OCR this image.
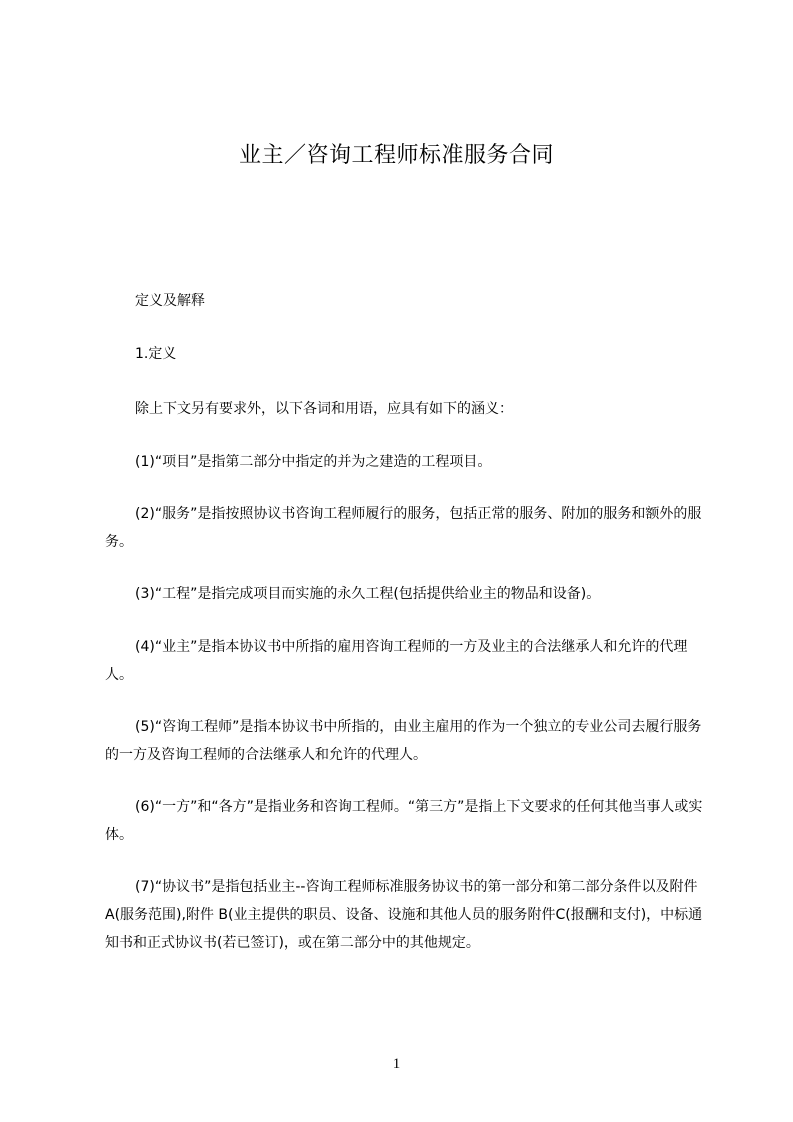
业主／咨询工程师标准服务合同
定义及解释
1.定义
除上下文另有要求外，以下各词和用语，应具有如下的涵义：
(1)“项目”是指第二部分中指定的并为之建造的工程项目。
(2)“服务”是指按照协议书咨询工程师履行的服务，包括正常的服务、附加的服务和额外的服务。
(3)“工程”是指完成项目而实施的永久工程(包括提供给业主的物品和设备)。
(4)“业主”是指本协议书中所指的雇用咨询工程师的一方及业主的合法继承人和允许的代理人。
(5)“咨询工程师”是指本协议书中所指的，由业主雇用的作为一个独立的专业公司去履行服务的一方及咨询工程师的合法继承人和允许的代理人。
(6)“一方”和“各方”是指业务和咨询工程师。“第三方”是指上下文要求的任何其他当事人或实体。
(7)“协议书”是指包括业主--咨询工程师标准服务协议书的第一部分和第二部分条件以及附件A(服务范围),附件 B(业主提供的职员、设备、设施和其他人员的服务附件C(报酬和支付)，中标通知书和正式协议书(若已签订)，或在第二部分中的其他规定。
1
